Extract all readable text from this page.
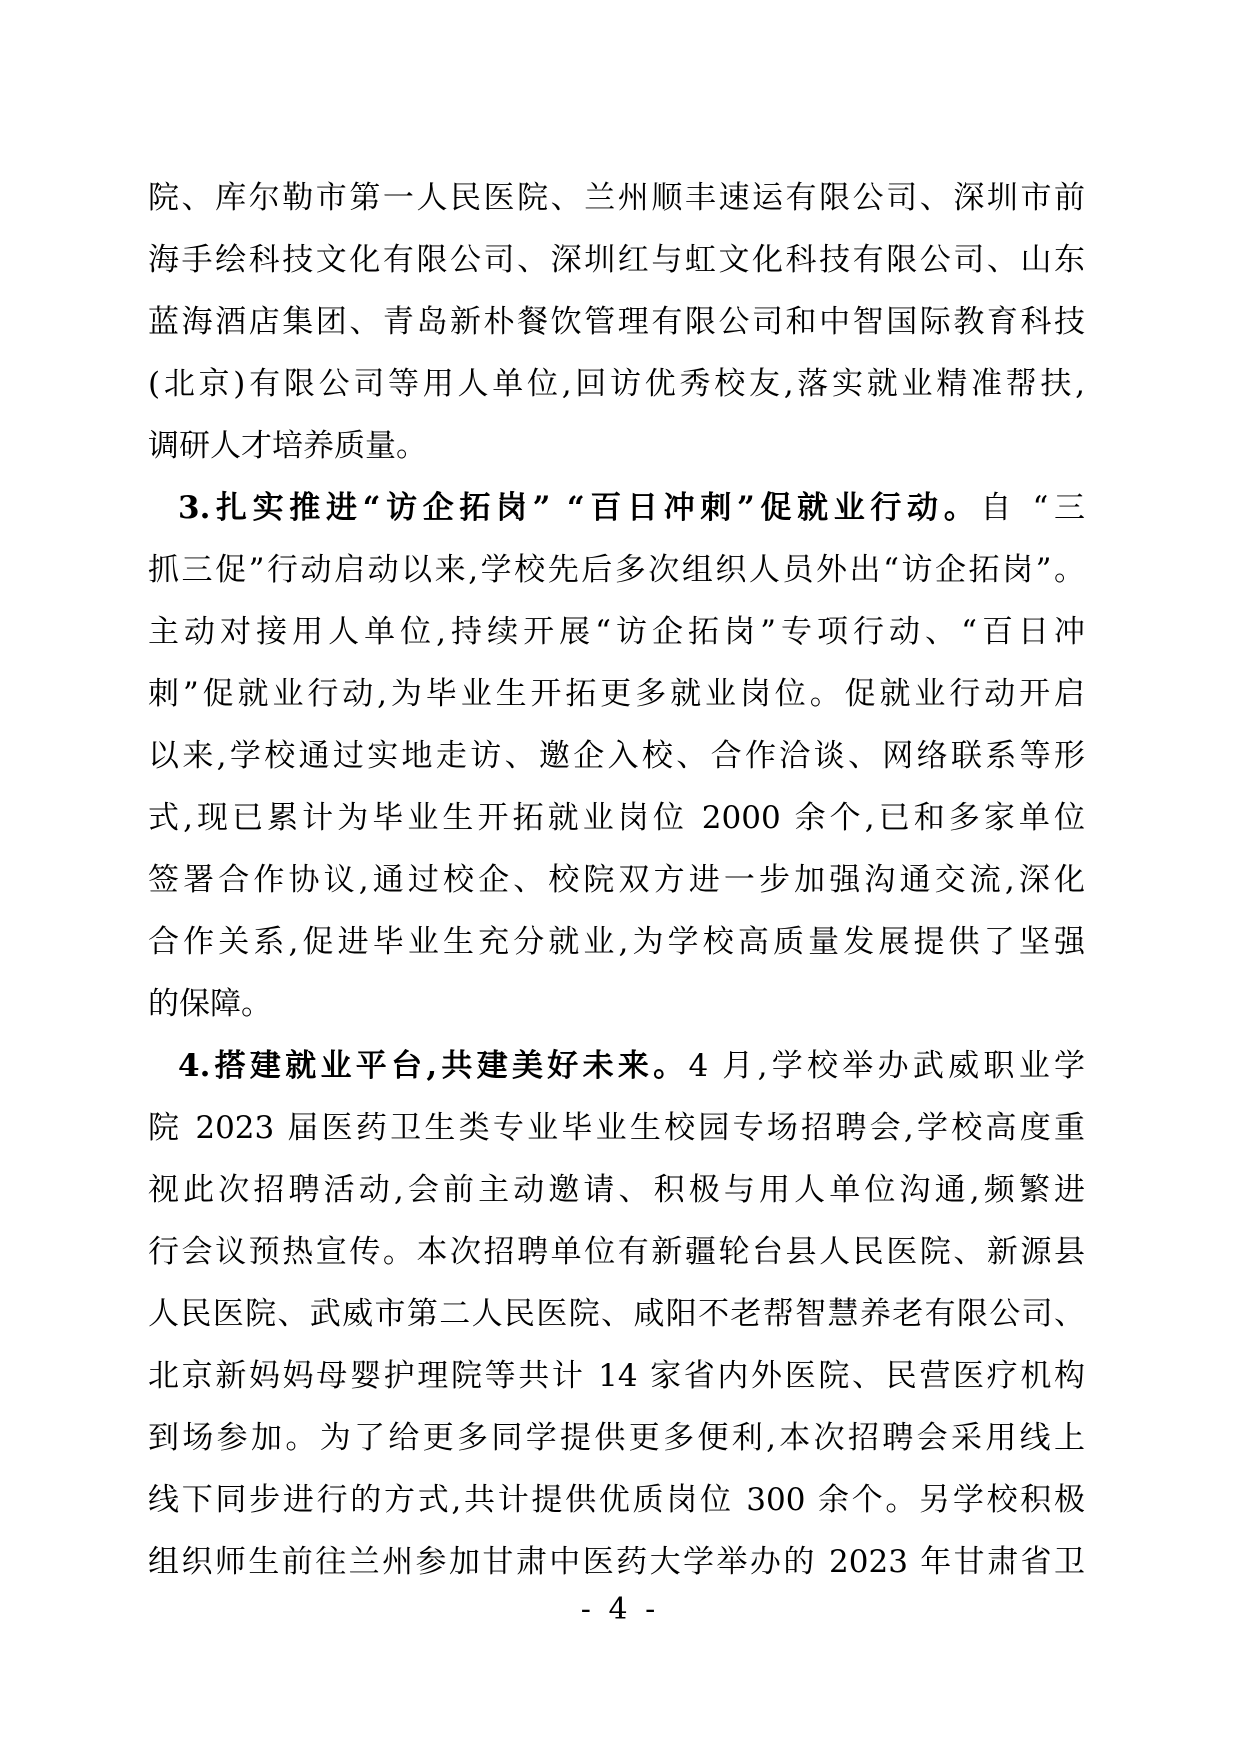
院、库尔勒市第一人民医院、兰州顺丰速运有限公司、深圳市前
海手绘科技文化有限公司、深圳红与虹文化科技有限公司、山东
蓝海酒店集团、青岛新朴餐饮管理有限公司和中智国际教育科技
(北京)有限公司等用人单位,回访优秀校友,落实就业精准帮扶,
调研人才培养质量。
3.扎实推进“访企拓岗” “百日冲刺”促就业行动。自 “三
抓三促”行动启动以来,学校先后多次组织人员外出“访企拓岗”。
主动对接用人单位,持续开展“访企拓岗”专项行动、“百日冲
刺”促就业行动,为毕业生开拓更多就业岗位。促就业行动开启
以来,学校通过实地走访、邀企入校、合作洽谈、网络联系等形
式,现已累计为毕业生开拓就业岗位 2000 余个,已和多家单位
签署合作协议,通过校企、校院双方进一步加强沟通交流,深化
合作关系,促进毕业生充分就业,为学校高质量发展提供了坚强
的保障。
4.搭建就业平台,共建美好未来。4 月,学校举办武威职业学
院 2023 届医药卫生类专业毕业生校园专场招聘会,学校高度重
视此次招聘活动,会前主动邀请、积极与用人单位沟通,频繁进
行会议预热宣传。本次招聘单位有新疆轮台县人民医院、新源县
人民医院、武威市第二人民医院、咸阳不老帮智慧养老有限公司、
北京新妈妈母婴护理院等共计 14 家省内外医院、民营医疗机构
到场参加。为了给更多同学提供更多便利,本次招聘会采用线上
线下同步进行的方式,共计提供优质岗位 300 余个。另学校积极
组织师生前往兰州参加甘肃中医药大学举办的 2023 年甘肃省卫
- 4 -
